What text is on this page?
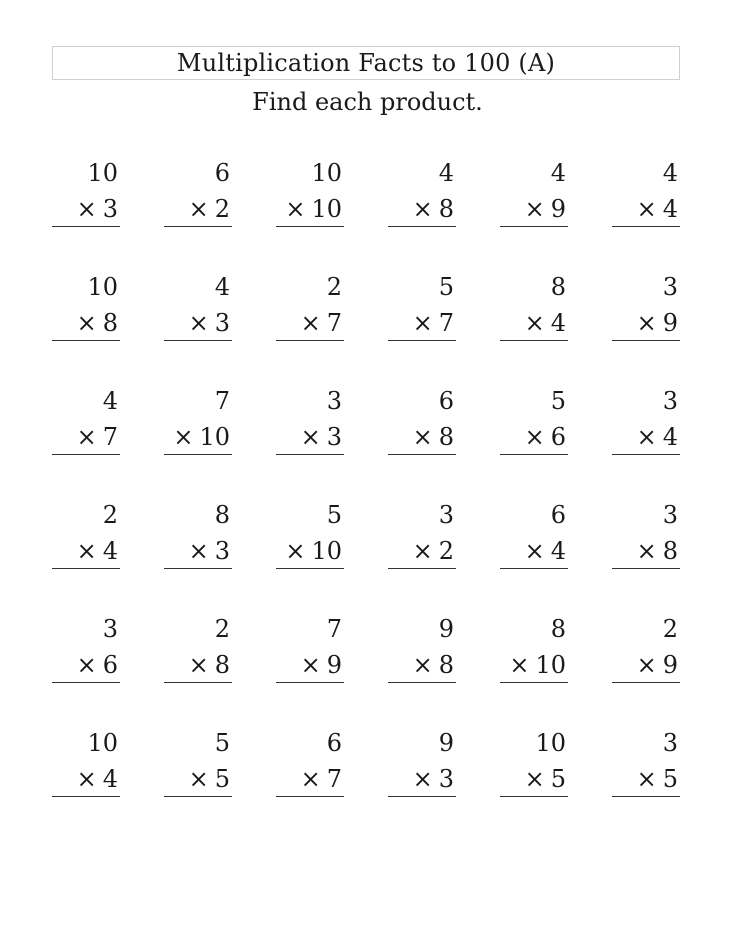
Multiplication Facts to 100 (A)
Find each product.
10
× 3
6
× 2
10
× 10
4
× 8
4
× 9
4
× 4
10
× 8
4
× 3
2
× 7
5
× 7
8
× 4
3
× 9
4
× 7
7
× 10
3
× 3
6
× 8
5
× 6
3
× 4
2
× 4
8
× 3
5
× 10
3
× 2
6
× 4
3
× 8
3
× 6
2
× 8
7
× 9
9
× 8
8
× 10
2
× 9
10
× 4
5
× 5
6
× 7
9
× 3
10
× 5
3
× 5
